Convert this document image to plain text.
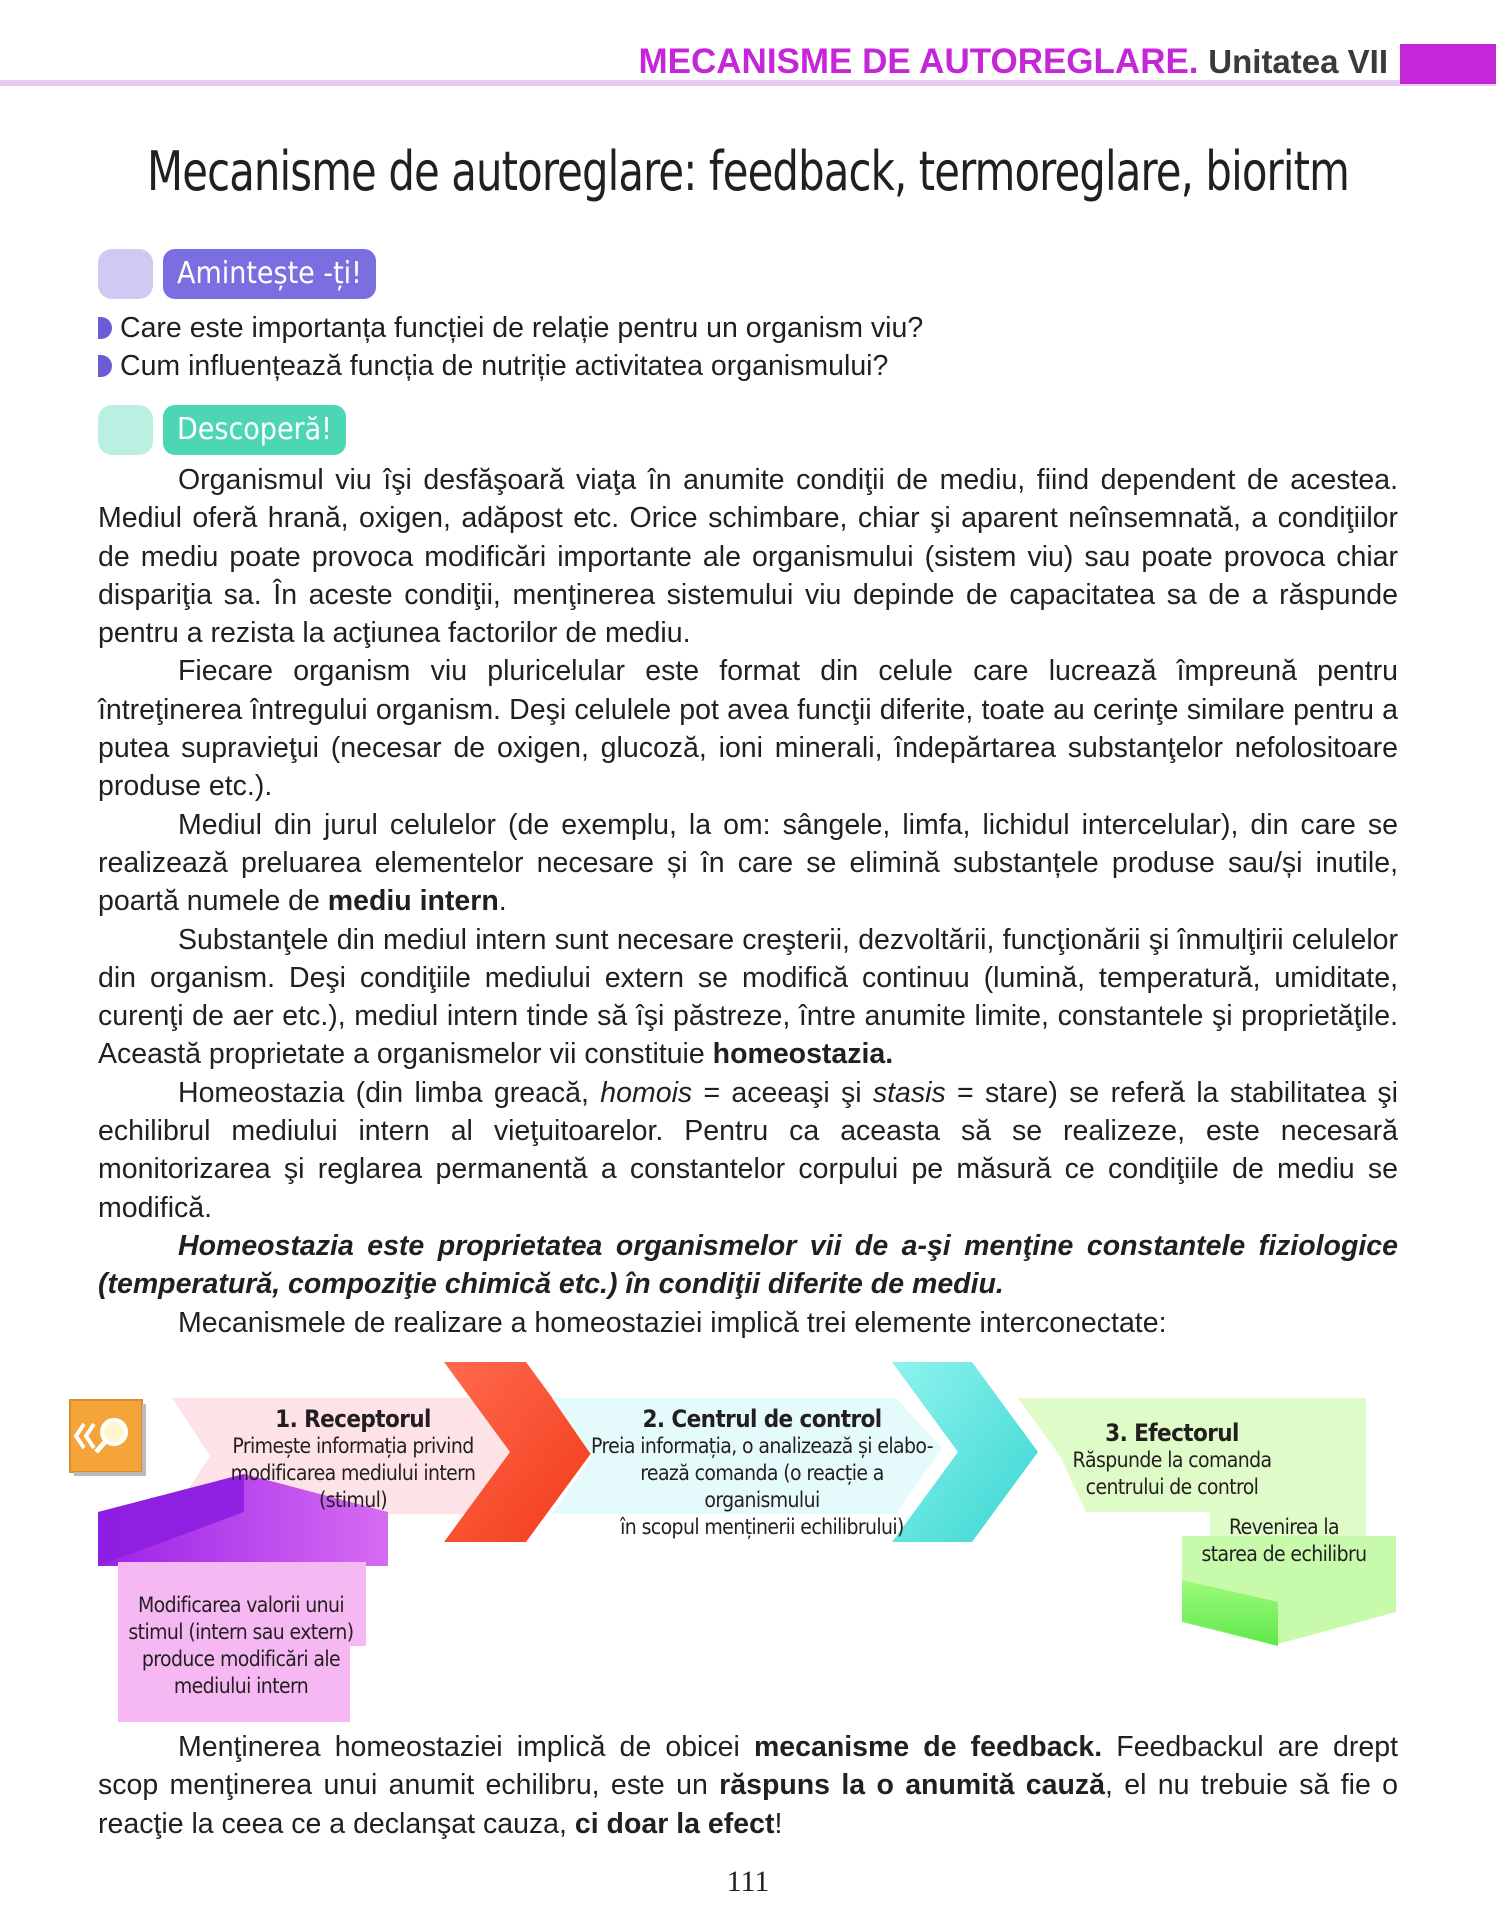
MECANISME DE AUTOREGLARE. Unitatea VII
Mecanisme de autoreglare: feedback, termoreglare, bioritm
Amintește -ți!
Care este importanța funcției de relație pentru un organism viu?
Cum influențează funcția de nutriție activitatea organismului?
Descoperă!

Organismul viu îşi desfăşoară viaţa în anumite condiţii de mediu, fiind dependent de acestea. Mediul oferă hrană, oxigen, adăpost etc. Orice schimbare, chiar şi aparent neînsemnată, a condiţiilor de mediu poate provoca modificări importante ale organismului (sistem viu) sau poate provoca chiar dispariţia sa. În aceste condiţii, menţinerea sistemului viu depinde de capacitatea sa de a răspunde pentru a rezista la acţiunea factorilor de mediu.

Fiecare organism viu pluricelular este format din celule care lucrează împreună pentru întreţinerea întregului organism. Deşi celulele pot avea funcţii diferite, toate au cerinţe similare pentru a putea supravieţui (necesar de oxigen, glucoză, ioni minerali, îndepărtarea substanţelor nefolositoare produse etc.).

Mediul din jurul celulelor (de exemplu, la om: sângele, limfa, lichidul intercelular), din care se realizează preluarea elementelor necesare și în care se elimină substanțele produse sau/și inutile, poartă numele de mediu intern.

Substanţele din mediul intern sunt necesare creşterii, dezvoltării, funcţionării şi înmulţirii celulelor din organism. Deşi condiţiile mediului extern se modifică continuu (lumină, temperatură, umiditate, curenţi de aer etc.), mediul intern tinde să îşi păstreze, între anumite limite, constantele şi proprietăţile. Această proprietate a organismelor vii constituie homeostazia.

Homeostazia (din limba greacă, homois = aceeaşi şi stasis = stare) se referă la stabilitatea şi echilibrul mediului intern al vieţuitoarelor. Pentru ca aceasta să se realizeze, este necesară monitorizarea şi reglarea permanentă a constantelor corpului pe măsură ce condiţiile de mediu se modifică.

Homeostazia este proprietatea organismelor vii de a-şi menţine constantele fiziologice (temperatură, compoziţie chimică etc.) în condiţii diferite de mediu.

Mecanismele de realizare a homeostaziei implică trei elemente interconectate:

1. Receptorul
Primește informația privind
modificarea mediului intern
(stimul)
2. Centrul de control
Preia informația, o analizează și elabo-
rează comanda (o reacție a organismului
în scopul menținerii echilibrului)
3. Efectorul
Răspunde la comanda
centrului de control
Revenirea la
starea de echilibru
Modificarea valorii unui
stimul (intern sau extern)
produce modificări ale
mediului intern

Menţinerea homeostaziei implică de obicei mecanisme de feedback. Feedbackul are drept scop menţinerea unui anumit echilibru, este un răspuns la o anumită cauză, el nu trebuie să fie o reacţie la ceea ce a declanşat cauza, ci doar la efect!

111
